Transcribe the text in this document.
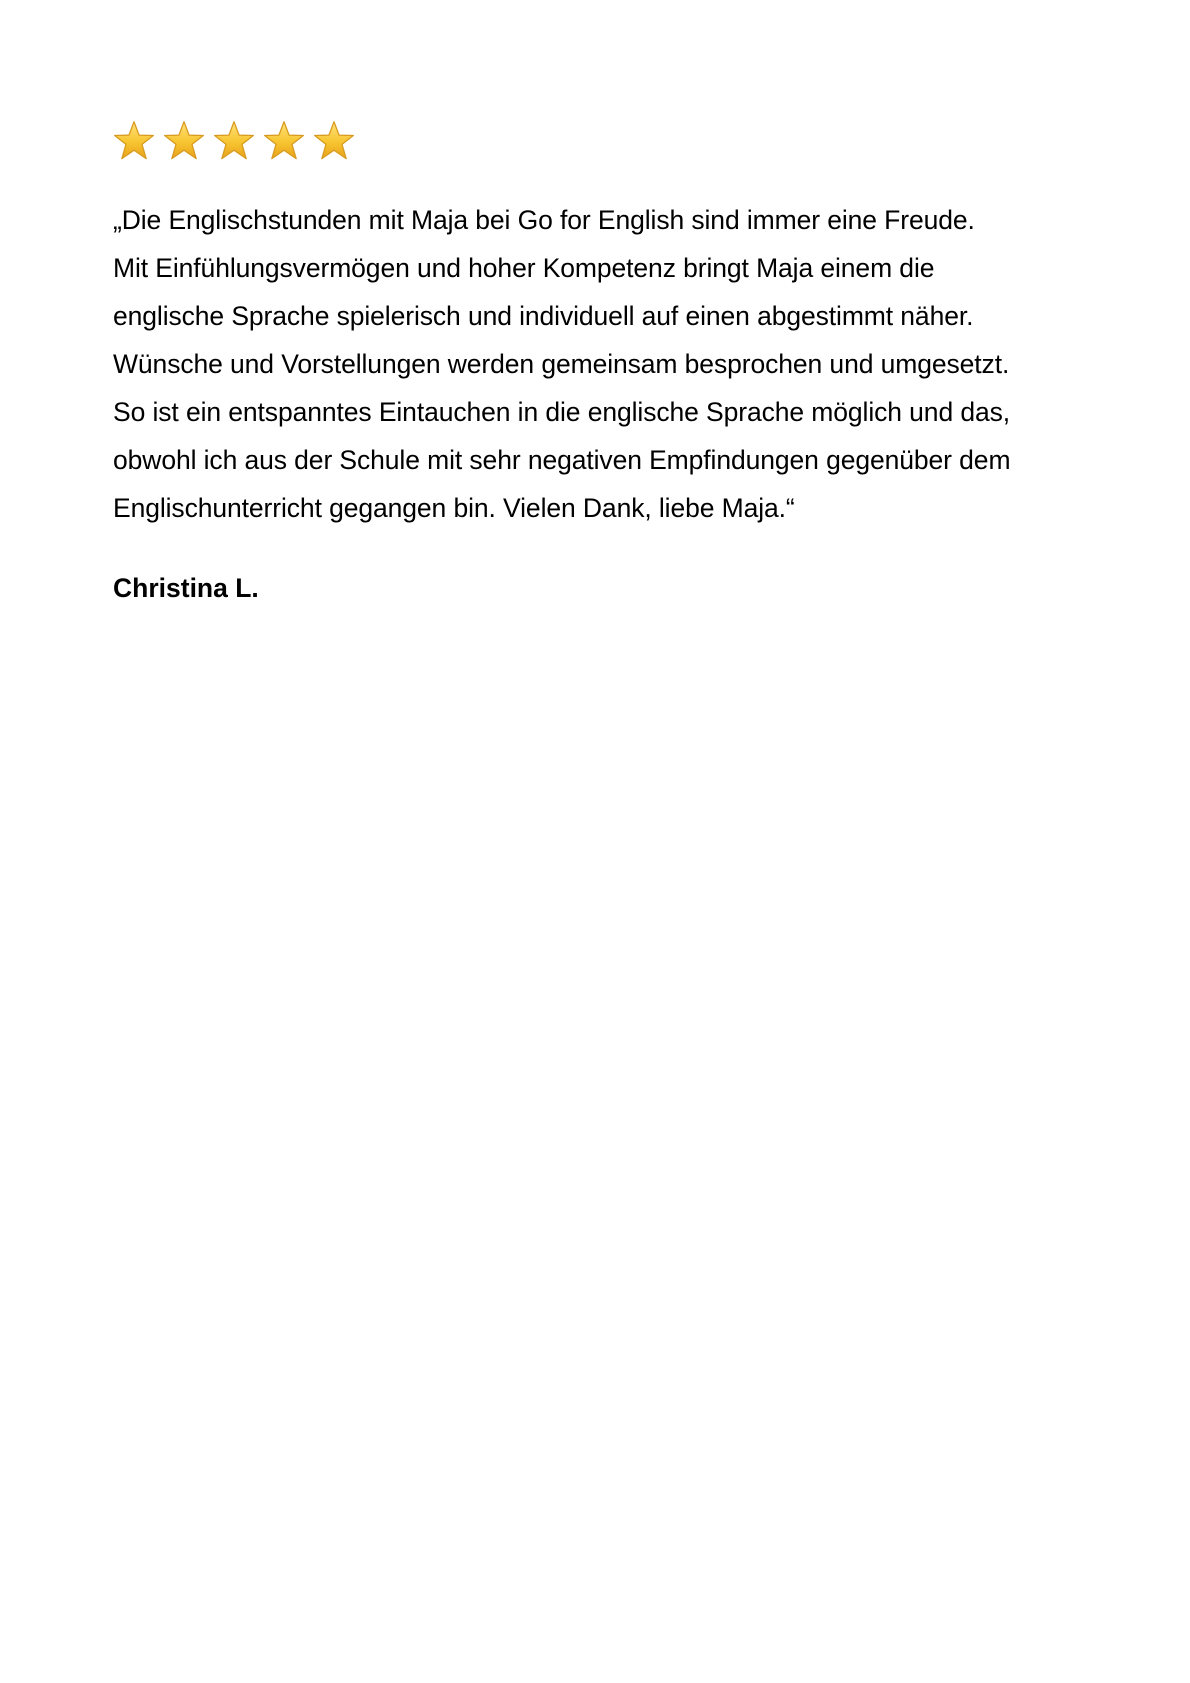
„Die Englischstunden mit Maja bei Go for English sind immer eine Freude.
Mit Einfühlungsvermögen und hoher Kompetenz bringt Maja einem die
englische Sprache spielerisch und individuell auf einen abgestimmt näher.
Wünsche und Vorstellungen werden gemeinsam besprochen und umgesetzt.
So ist ein entspanntes Eintauchen in die englische Sprache möglich und das,
obwohl ich aus der Schule mit sehr negativen Empfindungen gegenüber dem
Englischunterricht gegangen bin. Vielen Dank, liebe Maja.“

Christina L.
